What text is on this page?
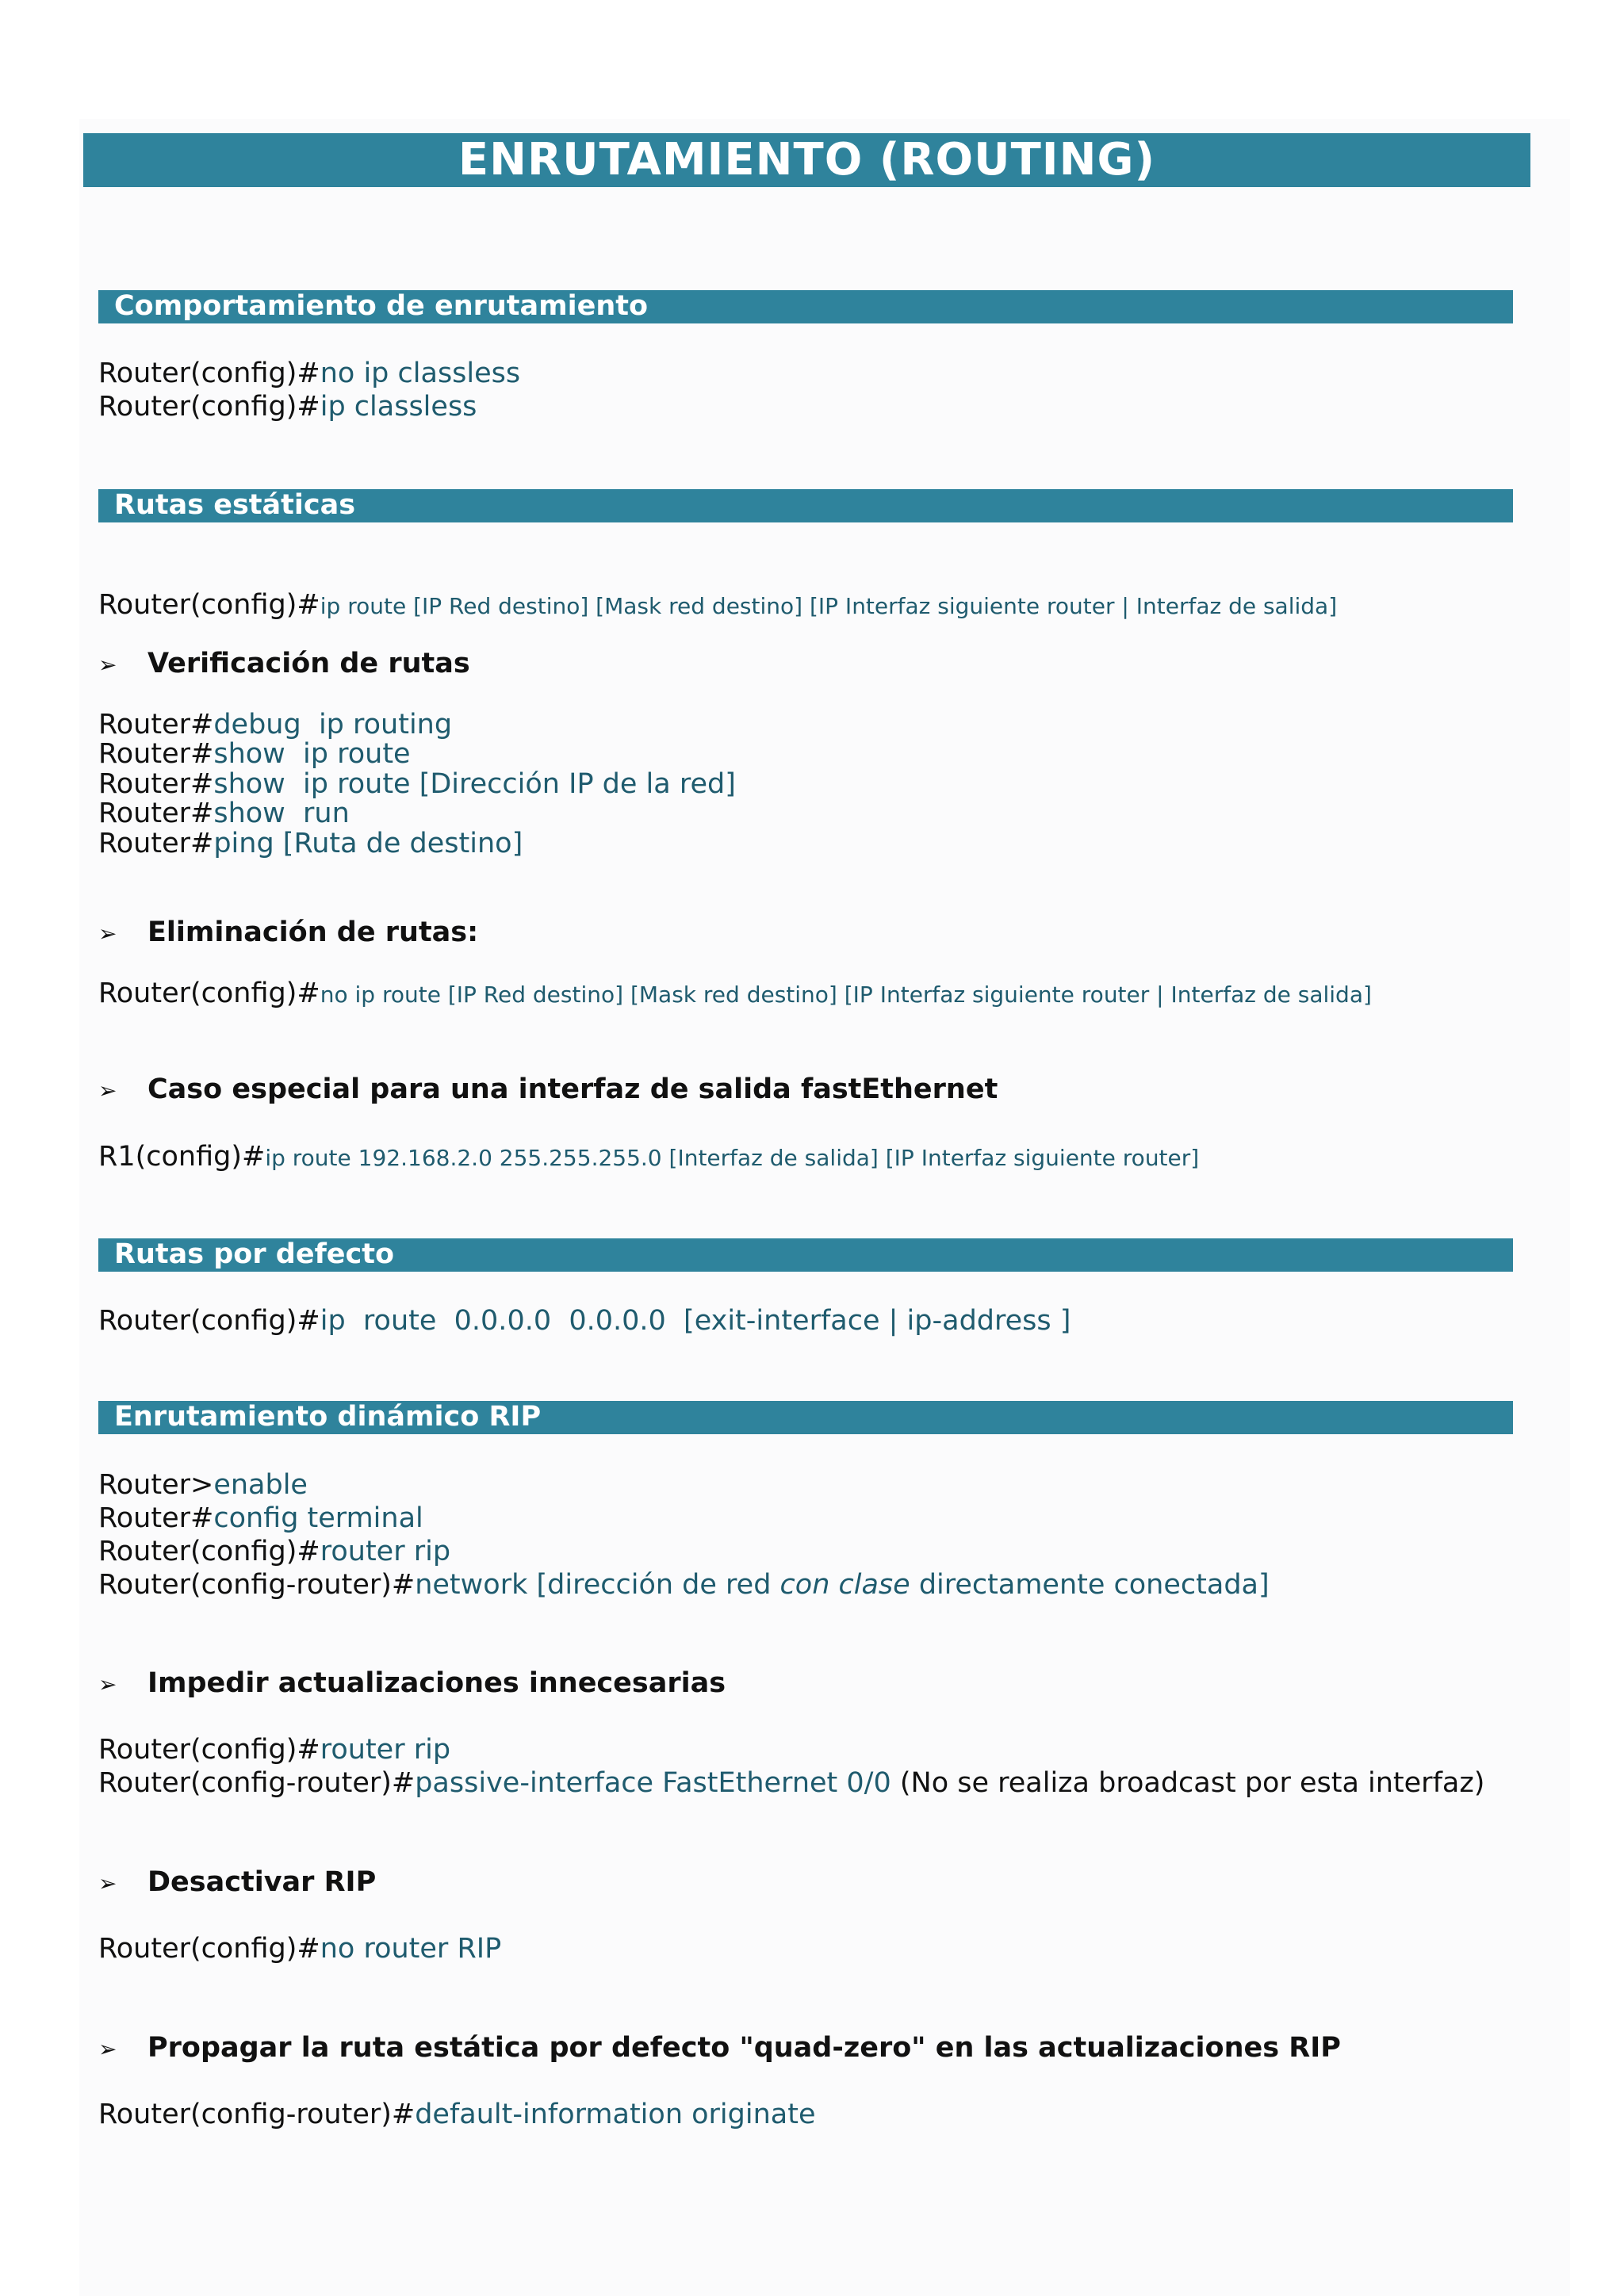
ENRUTAMIENTO (ROUTING)
Comportamiento de enrutamiento
Router(config)#no ip classless
Router(config)#ip classless
Rutas estáticas
Router(config)#ip route [IP Red destino] [Mask red destino] [IP Interfaz siguiente router | Interfaz de salida]
➢ Verificación de rutas
Router#debug  ip routing
Router#show  ip route
Router#show  ip route [Dirección IP de la red]
Router#show  run
Router#ping [Ruta de destino]
➢ Eliminación de rutas:
Router(config)#no ip route [IP Red destino] [Mask red destino] [IP Interfaz siguiente router | Interfaz de salida]
➢ Caso especial para una interfaz de salida fastEthernet
R1(config)#ip route 192.168.2.0 255.255.255.0 [Interfaz de salida] [IP Interfaz siguiente router]
Rutas por defecto
Router(config)#ip  route  0.0.0.0  0.0.0.0  [exit-interface | ip-address ]
Enrutamiento dinámico RIP
Router>enable
Router#config terminal
Router(config)#router rip
Router(config-router)#network [dirección de red con clase directamente conectada]
➢ Impedir actualizaciones innecesarias
Router(config)#router rip
Router(config-router)#passive-interface FastEthernet 0/0 (No se realiza broadcast por esta interfaz)
➢ Desactivar RIP
Router(config)#no router RIP
➢ Propagar la ruta estática por defecto "quad-zero" en las actualizaciones RIP
Router(config-router)#default-information originate
